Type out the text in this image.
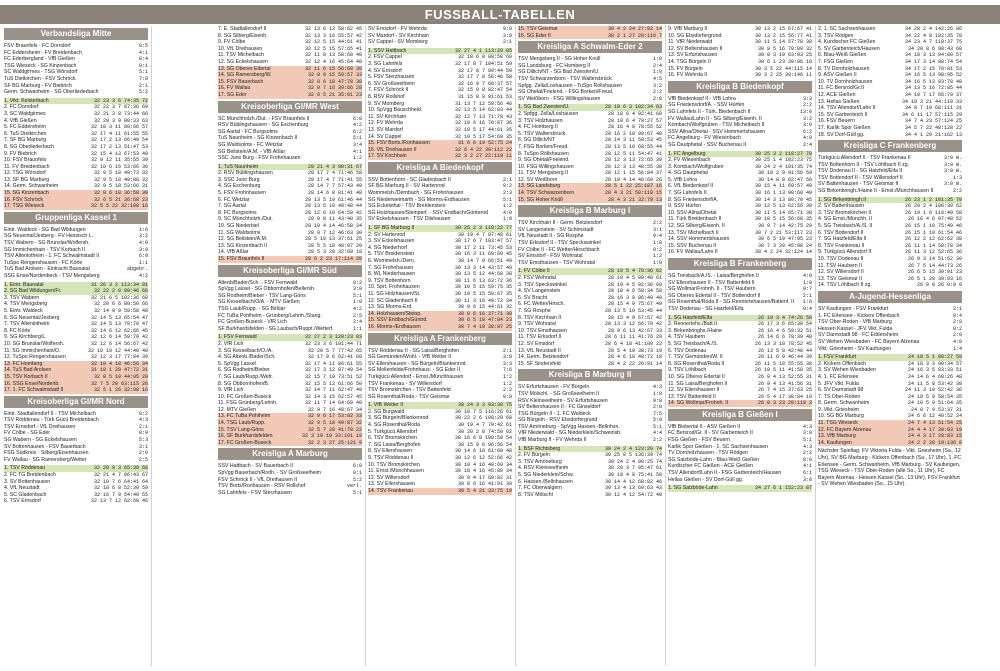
FUSSBALL-TABELLEN
Verbandsliga Mitte
FSV Braunfels - FC Dorndorf	0:5
FC Eddersheim - FV Breidenbach	4:1
FC Ederbergland - VfB Gießen	0:4
TSG Wieseck - SG Kinzenbach	0:1
SC Waldgirmes - TSG Wörsdorf	5:1
TuS Dietkirchen - FSV Schröck	7:0
SF BG Marburg - FV Biebrich	2:1
Germ. Schwanheim - SG Oberliederbach	5:2
1. Vikt. Kelsterbach	32 23 3 6 74:35 72
2. FC Dorndorf	32 22 3 7 87:36 69
3. SC Waldgirmes	32 21 3 8 73:44 66
4. VfB Gießen	32 20 3 9 80:33 63
5. FC Eddersheim	32 18 3 11 80:66 57
6. TuS Dietkirchen	32 17 4 11 61:55 55
7. SF BG Marburg	32 17 2 13 66:49 54
8. SG Oberliederbach	32 17 2 13 51:47 53
9. FV Biebrich	32 15 4 13 67:53 49
10. FSV Braunfels	32 9 12 11 35:55 39
11. FV Breidenbach	32 10 6 16 53:66 36
12. TSG Wörsdorf	32 9 5 18 49:73 32
13. SF BG Marburg	32 9 5 18 49:88 32
14. Germ. Schwanheim	32 9 5 18 53:66 31
15. SG Kinzenbach	32 8 6 18 36:58 30
16. FSV Schröck	32 6 5 21 36:68 23
17. TSG Wieseck	32 5 5 22 32:108 16
Gruppenliga Kassel 1
Eintr. Waldeck - SG Bad Wildungen	1:6
SG Neuental/Jesberg - FV Hessisch L.	3:2
TSV Wabern - SG Brunslar/Wolfersh.	4:0
SG Immichenhain - TSV Korbach II	3:0
TSV Altenlotheim - 1. FC Schwalmstadt II	6:0
TuSpo Rengershausen - FC Körle	1:1
TuS Bad Arolsen - Eintracht Baunatal	abgebr.
SSG Ense/Nordenbeck - TSV Mengsberg	4:2
1. Eintr. Baunatal	31 26 3 2 113:34 81
2. SG Bad Wildungen/Fr.	32 22 2 8 89:46 68
3. TSV Wabern	32 21 6 5 102:36 68
4. TSV Mengsberg	32 20 6 6 80:50 66
5. Eintr. Waldeck	32 14 9 9 59:58 48
6. SG Neuental/Jesberg	32 14 5 13 65:54 47
7. TSV Altenlotheim	32 14 5 13 70:70 47
8. FC Körle	32 14 6 12 62:66 45
9. SG Kirchberg/L.	32 12 6 14 59:70 42
10. SG Brunslar/Wolfersh.	32 12 6 14 56:67 42
11. SG Immichenhain/O.	32 10 10 12 44:40 40
12. TuSpo Rengershausen	32 12 3 17 77:84 39
13. FC Homberg	32 10 4 18 46:56 34
14. TuS Bad Arolsen	31 10 1 20 47:72 31
15. TSV Korbach II	32 8 5 19 44:95 29
16. SSG Ense/Nordenb.	32 7 5 20 63:115 26
17. 1. FC Schwalmstadt II	32 5 1 26 32:98 16
Kreisoberliga GI/MR Nord
Eintr. Stadtallendorf II - TSV Michelbach	0:2
TSV Röddenau - Türk Gücü Breidenbach	4:3
TSV Ernsdorf - VfL Dreihausen	2:1
FV Cölbe - SG Eder	0:0
SG Wabern - SG Eckelshausen	5:3
SV Bottenhausen - FSV Bauerbach	3:1
FSG Südkreis - Silberg/Eisenhausen	2:0
FV Wallau - SG Ramersberg/Wetter	2:5
1. TSV Röddenau	32 20 9 3 65:30 68
2. FC TG Breidenbach	32 21 4 7 86:43 67
3. SV Bottenhausen	32 19 7 6 64:41 64
4. VfL Neustadt	32 18 6 8 52:30 59
5. SC Gladenbach	32 16 7 9 54:40 55
6. TSV Ernsdorf	32 13 7 12 62:60 46
7. E. Stadtallendorf II	32 13 6 13 58:62 45
8. SG Silberg/Eisenh.	32 13 3 16 55:57 42
9. FV Cölbe	32 12 5 15 44:61 41
10. VfL Dreihausen	32 12 5 15 57:65 41
11. TSV Michelbach	32 11 8 13 58:60 40
12. SG Eckelshausen	32 12 4 16 45:64 40
13. SG Oberes Edertal	32 11 6 15 56:68 39
14. SG Ramersberg/W.	32 8 9 15 50:57 33
15. FSV Bauerbach	32 8 6 18 47:78 30
16. FV Wallau	32 9 7 16 39:66 28
17. SG Eder	32 6 5 21 35:81 23
Kreisoberliga GI/MR West
SC Münchholzh./Dut. - FSV Braunfels II	6:0
RSV Büblingshausen - SG Eschenburg	4:2
SG Aartal - FC Burgsolms	6:2
TuS Naunheim - SG Kinzenbach II	5:1
SG Waldsolms - FC Wetzlar	3:4
SG Beilstein/A.M. - VfB Aßlar	4:1
SSC Juno Burg - FSV Frohnhausen	1:2
1. TuS Naunheim	28 21 4 3 90:31 67
2. RSV Büblingshausen	28 17 7 4 71:46 58
3. SSC Juno Burg	28 17 4 7 71:41 55
4. SG Eschenburg	28 14 7 7 57:43 49
5. FSV Frohnhausen	28 14 6 8 81:41 48
6. FC Wetzlar	28 13 5 10 61:46 44
7. SG Aartal	28 13 5 10 48:48 44
8. FC Burgsolms	28 12 6 10 64:50 42
9. SC Münchholzh./Dut.	28 9 8 11 43:40 35
10. SG Niederbiel	28 10 4 14 46:58 34
11. SG Waldsolms	28 9 7 12 46:63 30
12. SG Beilstein/A.M.	28 5 10 13 37:61 25
13. SG Kinzenbach II	28 5 5 18 48:97 20
14. VfB Aßlar	28 5 3 20 32:69 18
15. FSV Braunfels II	28 6 2 23 17:114 20
Kreisoberliga GI/MR Süd
Altenb/Bader/Sch. - FSV Fernwald	0:2
SpVgg Lassel - SG Obbornhofen/Bellersh.	3:0
SG Rodheim/Bieber - TSV Lang-Göns	5:1
SG Kesselbach/O/A. - MTV Gießen	1:0
TSG Laub/Rupp. - SG Birklar	4:2
FC TuBa Pohlheim - Grünberg/Lehnh./Stang.	2:5
FC Großen-Buseck - VfR Lich	2:4
SF Burkhardsfelden - SG Laubach/Ruppt./Wetterf.	1:1
1. FSV Fernwald	32 27 2 3 120:23 83
2. VfR Lich	32 23 3 6 101:44 71
3. SG Kesselbach/O./A.	32 20 5 7 77:42 65
4. SG Altenb./Bader/Sch.	32 17 9 6 62:41 60
5. SpVgg Lassel	32 17 4 11 86:61 55
6. SG Rodheim/Bieber	32 17 3 12 87:49 54
7. SG Laub/Rupp./Wett.	32 15 7 10 73:51 52
8. SG Obbornhofen/B.	32 15 5 12 61:66 50
9. VfR Lich	32 14 7 11 62:47 49
10. FC Großen-Buseck	32 14 3 15 62:57 45
11. FSG Grünberg/Lehnh.	32 11 7 14 64:69 40
12. MTV Gießen	32 9 7 16 48:67 34
13. FC TuBa Pohlheim	32 9 6 17 53:82 33
14. TSG Laub/Rupp.	32 9 5 18 49:87 32
15. TSV Lang-Göns	32 5 7 20 41:78 22
16. SF Burkhardsfelden	32 3 10 19 33:101 19
17. FC Großen-Buseck	32 2 3 27 25:121 9
Kreisliga A Marburg
SSV Hattbach - SV Bauerbach II	6:0
SpVgg Bauerbach/Rodh. - SV Großseelheim	0:1
FSV Schröck II - VfL Dreihausen II	5:2
TSV Borts/Ronhausen - RSV Rollshof	verl.
SG Lahnfels - FSV Sterzhausen	5:1
SV Ernsdorf - FV Wehrda	9:0
SV Mardorf - SV Kirchhain	3:0
SV Cappel - SV Momberg	2:1
1. SSV Hattbach	32 27 4 1 113:20 85
2. FSV Cappel	32 18 6 8 88:50 60
3. SG Lahnfels	32 17 8 7 104:51 59
4. SV Ernsdorf	32 17 8 7 89:44 59
5. FSV Sterzhausen	32 17 7 8 56:46 58
6. SV Großseelheim	32 16 9 7 60:37 57
7. FSV Schröck II	32 15 9 8 82:47 54
8. RSV Rollshof	31 15 8 8 91:61 53
9. SV Momberg	31 13 7 12 59:56 46
10. SpVgg Bauschheid.	32 13 5 14 62:83 44
11. SV Kirchhain	32 12 7 13 71:79 43
12. FV Wehrda	32 10 6 16 70:87 36
13. SV Mardorf	32 10 5 17 44:61 35
14. SV Cappel	32 10 5 17 54:69 35
15. FSV Borts./Ronhausen	31 6 6 19 52:75 24
16. VfL Dreihausen II	32 6 4 22 39:112 22
17. SV Kirchhain	32 3 2 27 22:119 11
Kreisliga A Biedenkopf
SSV Bottenhorn - SC Gladenbach II	2:1
SF BG Marburg II - SV Hartenrod	9:2
Wommelsh./Dernbach - SG Frohnhausen	2:3
SG Niederweimarth - SG Morms-Erdhausen	5:1
SG Eckelsthal - TSV Breidenstein	1:2
SG Holzhausen/Steinperf. - SSV Endbach/Günterod	4:0
SV Eckelshausen - TSV Dilshausen	1:0
1. SF BG Marburg II	30 25 2 3 110:22 77
2. SV Hartenrod	30 19 4 7 87:48 61
3. SV Eckelshausen	30 17 6 7 103:47 57
4. SG Niederhorf	30 17 2 11 73:45 53
5. TSV Breidenstein	30 16 3 11 69:60 45
6. Wommelsh./Dern.	30 14 7 9 66:51 49
7. SG Frohnhausen	30 13 3 14 43:57 40
8. WL Niederhausen	30 13 5 12 44:68 38
9. TSV Bottenhorn	30 11 6 13 63:72 36
10. Sprt. Frohnhausen	30 10 5 15 59:75 35
11. SG Holzhausen/St.	30 10 5 15 50:67 35
12. SC Gladenbach II	30 11 3 16 49:72 34
13. SG Morms-Erd.	30 9 6 15 44:61 32
14. Holzhausen/Steinp.	30 8 6 16 37:71 30
15. SSV Endbach/Güntrd.	30 6 5 19 47:84 23
16. Morms-/Erdhausen	30 7 4 19 38:97 25
Kreisliga A Frankenberg
TSV Röddenau II - SG Laisa/Berghofen	2:1
SG Gemünden/Wohl. - VfB Wetter II	3:0
SV Ellershausen - SG Bürgeln/Blankenrod	3:3
SG Mollenfelde/Frohnhaus. - SG Eder II	7:6
Türkgücü Allendorf - Ernst./Münchhausen	1:2
TSV Frankenau - SV Willersdorf	1:2
TSV Bromskirchen - TSV Battenfeld	2:2
SG Rosenthal/Roda - TSV Geismar	0:0
1. VfB Wetter II	30 24 3 3 93:30 75
2. SG Burgwald	30 18 7 5 116:26 61
3. SG Bürgeln/Blankenrod	30 22 2 6 100:29 68
4. SG Rosenthal/Roda	30 19 4 7 79:42 61
5. Türkgücü Allendorf	30 20 2 8 74:50 62
6. TSV Bromskirchen	30 16 6 8 100:50 54
7. SG Laisa/Berghofen	30 15 9 6 96:56 54
8. SV Ellershausen	30 14 6 10 61:60 48
9. TSV Röddenau II	30 12 6 12 52:66 42
10. TSV Bromskirchen	30 10 4 16 48:69 34
11. Ernst./Münchhausen	30 10 4 16 45:80 34
12. SV Willersdorf	30 9 4 17 60:82 31
13. SV Ellershausen	30 8 6 16 41:91 30
14. TSV Frankenau	30 5 4 21 33:75 19
15. TSV Geismar	30 4 2 24 27:92 14
16. SG Eder II	30 2 1 27 20:116 7
Kreisliga A Schwalm-Eder 2
TSV Mengsberg II - SG Hoher Knüll	1:0
SG Landsburg - FC Homberg II	2:4
SG Dillich/NT - SG Bad Zwesten/U.	1:0
TSV Schwarzenborn - TSV Waltersbrück	4:5
Spfgg. Zella/Loshausen - TuSpo Röllshausen	3:2
SG Ohetal/Frielend. - FSG Borken/Freud.	2:2
SV Weißborn - FSG Willingshausen	2:0
1. SG Bad Zwesten/U.	28 19 6 3 102:34 63
2. Spfgg. Zella/Loshausen	28 18 6 4 92:41 60
3. TSV Holzhausen	28 18 6 4 79:27 57
4. FC Homberg II	28 16 4 8 78:55 52
5. TSV Waltersbrück	28 16 2 10 99:67 48
6. SG Dillich/NT	28 14 3 11 59:53 45
7. FSG Borken/Freud.	28 13 5 10 68:55 44
8. TuSpo Röllshausen	28 12 5 11 54:47 41
9. SG Ohetal/Frielend.	28 12 3 13 72:65 39
10. FSG Willingshausen	28 12 3 13 48:55 38
11. TSV Mengsberg II	28 12 1 15 56:84 37
12. SV Weißborn	28 10 4 14 46:69 26
13. SG Landsburg	28 5 1 22 25:107 16
14. TSV Schwarzenborn	28 4 3 21 50:119 15
15. SG Hoher Knüll	28 4 3 21 32:79 13
Kreisliga B Marburg I
TSV Kirchhain II - Germ. Betziesdorf	2:2
SV Langenstein - SV Schönstadt	3:1
VfL Neustadt II - SG Rosphe	0:4
TSV Erksdorf II - TSV Speckswinkel	1:8
FV Cölbe II - FC Wetter/Hirschbach	0:2
SV Emsdorf - FSV Wohratal	1:2
TSV Emsthausen - TSV Wohratal	1:0
1. FV Cölbe II	28 19 5 4 78:36 62
2. FSV Wohratal	28 19 4 5 80:40 61
3. TSV Speckswinkel	28 19 4 5 92:36 60
4. SV Langenstein	28 18 4 6 58:34 58
5. SV Bracht	28 16 3 9 86:49 49
6. FC Wetter/Hirsch.	28 15 4 9 75:67 49
7. SG Rosphe	28 13 5 10 53:45 44
8. TSV Kirchhain II	28 15 4 9 67:57 42
9. TSV Wohratal	28 13 3 12 66:70 42
10. TSV Emsthausen	28 9 6 13 42:67 33
11. TSV Erksdorf II	28 6 11 11 41:76 29
12. SV Emsdorf	28 6 4 18 41:100 22
13. VfL Neustadt II	28 5 4 19 38:73 19
14. Germ. Betziesdorf	28 4 6 18 40:72 18
15. SF Sindersfeld	28 4 2 22 26:91 14
Kreisliga B Marburg II
SV Erfurtshausen - FV Bürgeln	4:3
TSV Mölschl. - SG Großseelheim II	1:0
RSV Kleinseelheim - SV Erfurtshausen	9:0
SV Beltershausen II - FC Ginseldorf	2:0
TSG Bürgeln II - 1. FC Waldeck	7:5
SG Bürgeln - RSV Ebsdorfergrund	5:0
TSV Amöneburg - SpVgg Hassen.-Bellnhsn.	5:1
VfR Niederwald - SG Niederklein/Schweinsb.	4:4
VfB Marburg II - FV Wehrda II	2:2
1. BSF Richtsberg	30 24 2 4 123:29 74
2. FV Bürgeln	30 25 0 5 136:39 74
3. TSV Amöneburg	30 24 2 4 90:25 74
4. RSV Kleinseelheim	30 20 3 7 95:47 61
5. SG Niederklein/Schw.	30 18 4 8 75:41 58
6. Hassen./Bellnhausen	30 14 4 12 68:82 46
7. FC Oberwalgern	30 13 4 13 69:63 43
8. TSV Mölschl	30 12 4 12 54:72 40
9. VfB Marburg II	30 13 2 15 67:67 41
10. SG Ebsdorfergrund	30 13 2 15 56:77 41
11. VfR Niederwald	30 11 5 14 57:78 38
12. SV Beltershausen II	30 9 5 16 70:89 32
13. SV Erfurtshausen	30 8 3 19 63:93 25
14. TSG Bürgeln II	30 6 1 23 39:96 19
15. FV Bürgeln	30 3 5 22 44:115 14
16. FV Wehrda II	30 3 2 25 39:146 11
Kreisliga B Biedenkopf
VfB Biedenkopf II - VfB Lohra	3:3
SG Friedensdorf/A. - SSV Hürfen	2:2
SG Lahnfels II - Türk. Biedenbach II	13:0
FV Wallau/Lahn II - SG Silberg/Eisenh. II	3:2
Kombach/Wolfgruben - TSV Michelbach II	3:0
SSV Allna/Ohetal - SSV Hommertshausen	6:2
FC Angelburg - FV Wiesenbach	4:0
SG Dautphetal - SSV Buchenau II	2:4
1. FC Angelburg	30 25 3 2 118:27 78
2. FV Wiesenbach	30 25 1 4 102:23 75
3. Kombach/Wolfgruben	30 24 2 4 101:35 74
4. SG Dautphetal	30 19 2 9 91:56 59
5. VfB Lohra	30 14 8 8 62:47 50
6. VfL Biedenkopf II	30 15 4 11 69:57 49
7. SG Lahnfels II	30 16 1 13 90:60 49
8. SG Friedensdorf/A.	30 14 3 13 80:70 45
9. SSV Hürfen	30 12 5 13 62:56 39
10. SSV Allna/Ohetal	30 11 5 14 65:71 38
11. Türk Breidenbach II	30 10 5 15 56:68 35
12. SG Silberg/Eisenh. II	30 9 7 14 42:75 29
13. TSV Michelbach II	30 7 2 21 53:117 23
14. SSV Hommertshausen	30 6 5 19 47:95 23
15. SSV Buchenau II	30 7 3 20 45:98 24
16. FV Wallau/Lahn II	30 4 2 24 32:124 14
Kreisliga B Frankenberg
SG Treisbach/A./S. - Laisa/Berghofen II	4:0
SV Ellershausen II - TSV Battenfeld II	1:0
SG Wollmar/Frohnh. II - TSV Haubern	0:7
SG Oberes Edertal II - TSV Bottendorf II	2:1
SG Rosenthal/Roda II - SG Rennertehausen/Battenf. II	1:6
TSV Dodenau - SG Hatzfeld/Eifa	0:4
1. SG Hatzfeld/Eifa	26 19 3 4 74:26 59
2. Rennertehs./Batt.II	26 17 3 6 65:30 54
3. Birkenbringhs./Haine	26 16 4 6 59:32 51
4. TSV Haubern	26 14 6 6 78:39 48
5. SG Treisbach/A./S.	26 13 3 10 78:52 45
6. TSV Dodenau	26 13 5 8 42:48 44
7. TSV Gemünden/W. II	26 11 6 9 46:44 39
8. SG Rosenthal/Roda II	26 11 5 10 55:55 38
9. TSV Löhlbach	26 10 5 11 41:58 35
10. SG Oberes Edertal II	26 9 4 13 52:55 31
11. SG Laisa/Berghofen II	26 9 4 13 41:56 31
12. SV Ellershausen II	26 7 4 15 37:63 25
13. TSV Battenfeld II	26 5 4 17 38:84 19
14. SG Wollmar/Frohnh. II	26 0 3 23 20:119 3
Kreisliga B Gießen I
VfB Biebertal II - ASV Gießen II	4:3
FC Bersrod/Gr. II - SV Garbenteich II	3:0
FSG Gießen - FSV Beuern	5:1
Karlik Spor Gießen - 1. SC Sachsenhausen	4:3
TV Dornholzhausen - TSV Rödgen	2:2
SG Salzböde-Lahn - Blau-Weiß Gießen	8:0
Kurdischer FC Gießen - ACE Gießen	4:1
TSV Allendorf/Lahn II - FSG Garbenteich/Hausen	6:1
Hellas Gießen - SV Dorf-Güll gg.	3:0
1. SG Salzböde-Lahn	34 27 6 1 152:23 87
2. 1. SC Sachsenhausen	34 28 2 4 142:26 86
3. TSV Rödgen	34 22 4 8 102:35 70
4. Kurdischer FC Gießen	34 23 4 7 110:37 75
5. SV Garbenteich/Hausen	34 20 8 6 98:43 68
6. Blau-Weiß Gießen	34 18 3 13 94:80 57
7. FSG Gießen	34 17 3 14 88:74 54
8. TV Dornholzhausen	34 17 2 15 79:81 53
9. ASV Gießen II	34 16 5 13 98:95 52
10. TV Dornholzhausen	34 16 5 13 83:78 48
11. FC Bersrod/Gr.II	34 13 5 16 72:85 44
12. ACE Gießen	34 10 7 17 66:79 37
13. Hellas Gießen	34 10 3 21 44:110 33
14. TSV Allendorf/Lahn II	34 8 7 19 68:111 31
15. SV Garbenteich II	34 6 11 17 57:115 29
16. FSV Beuern	34 7 4 23 57:124 25
17. Karlik Spor Gießen	34 5 7 22 48:128 22
18. SV Dorf-Güll gg.	34 4 1 29 21:162 13
Kreisliga C Frankenberg
Türkgücü Allendorf II - TSV Frankenau II	3:0 W.
TSV Bottenhorn II - TSV Löhlbach II zg.	3:0 W.
TSV Dodenau II - SG Hatzfeld/Eifa II	3:0 W.
TSV Bottendorf II - TSV Willersdorf II	1:3
SV Battenhausen - TSV Geismar II	3:0 W.
SG Birkenbringh./Haine II - Ernst./Münchhausen II	2:2
1. SG Birkenbringh.II	26 23 1 2 101:35 70
2. SV Battenhausen	26 20 2 4 106:30 62
3. TSV Bromskirchen II	26 19 1 6 110:40 58
4. SG Ernst./Münchh. II	26 16 4 6 97:48 52
5. SG Treisbach/A./S. II	26 15 1 10 75:49 46
6. TSV Bottendorf II	26 15 1 10 61:54 46
7. SG Hatzfeld/Eifa II	26 12 2 12 62:62 38
8. TSV Frankenau II	26 11 1 14 58:78 34
9. Türkgücü Allendorf II	26 11 3 12 52:65 36
10. TSV Dodenau II	26 9 3 14 51:62 30
11. TSV Haubern II	26 7 5 14 44:73 26
12. SV Willersdorf II	26 6 5 15 39:91 23
13. TSV Geismar II	26 5 1 20 39:93 16
14. TSV Löhlbach II zg.	26 0 0 26 0:0 0
A-Jugend-Hessenliga
SV Kaufungen - FSV Frankfurt	2:1
1. FC Erlensee - Kickers Offenbach	0:4
TSV Ober-Roden - VfB Marburg	2:0
Hessen Kassel - JFV Vikt. Fulda	0:2
SV Darmstadt 98 - FC Eddersheim	2:0
SV Wehen Wiesbaden - FC Bayern Alzenau	4:0
Vikt. Griesheim - SV Kaufungen	1:4
1. FSV Frankfurt	24 18 5 1 80:27 59
2. Kickers Offenbach	24 18 3 3 90:34 57
3. SV Wehen Wiesbaden	24 16 3 5 83:33 51
4. 1. FC Erlensee	24 14 6 4 60:26 48
5. JFV Vikt. Fulda	24 11 5 8 53:42 38
6. SV Darmstadt 98	24 11 3 10 52:42 36
7. TS Ober-Roden	24 10 5 9 58:54 35
8. Germ. Schwanheim	24 10 5 9 51:64 35
9. Vikt. Griesheim	24 8 7 9 53:37 31
10. SG BG Marburg	24 6 6 12 40:52 24
11. TSG Wieseck	24 7 4 13 51:54 25
12. FC Bayern Alzenau	24 4 4 17 39:83 19
13. VfB Marburg	24 4 3 17 28:83 15
14. Kaufungen	24 2 2 20 19:136 8
Nächster Spieltag: FV Viktoria Fulda - Vikt. Griesheim (Sa., 12 Uhr), SV BG Marburg - Kickers Offenbach (Sa., 17 Uhr), 1. FC Erlensee - Germ. Schwanheim, VfB Marburg - SV Kaufungen, TSG Wieseck - TSV Ober-Roden (alle So., 11 Uhr), FC Bayern Alzenau - Hessen Kassel (So., 13 Uhr), FSV Frankfurt - SV Wehen Wiesbaden (So., 15 Uhr).
